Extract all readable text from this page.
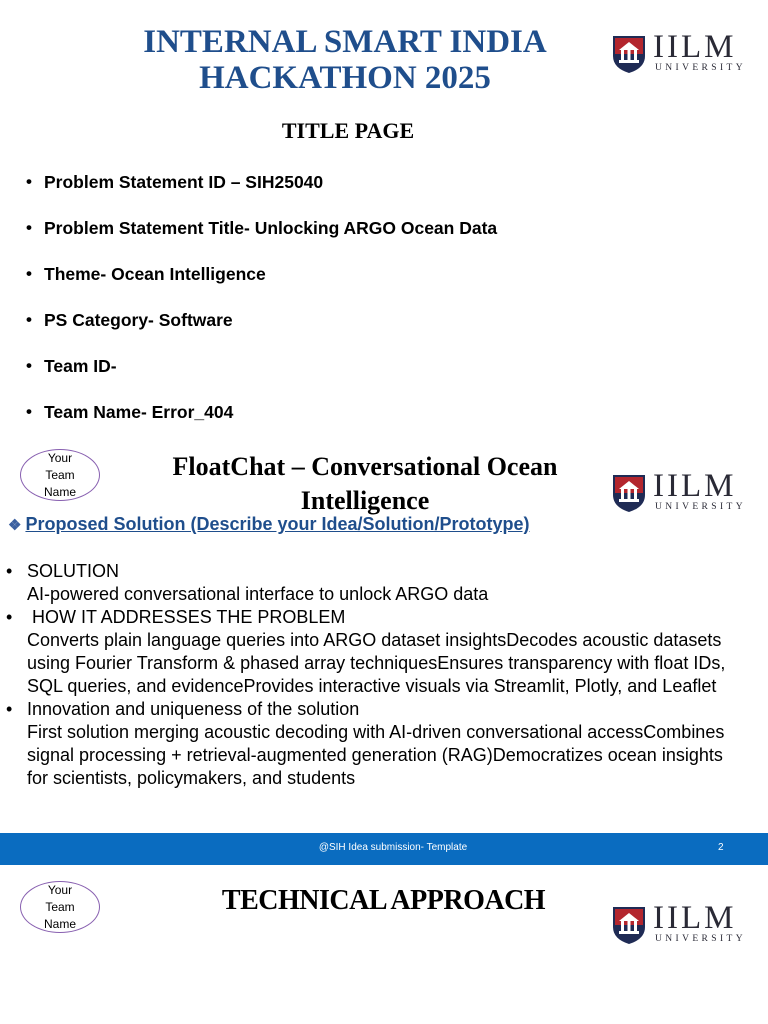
INTERNAL SMART INDIA HACKATHON 2025
IILM
UNIVERSITY
TITLE PAGE
• Problem Statement ID – SIH25040
• Problem Statement Title- Unlocking ARGO Ocean Data
• Theme- Ocean Intelligence
• PS Category- Software
• Team ID-
• Team Name- Error_404
Your
Team
Name
FloatChat – Conversational Ocean Intelligence	IILM
UNIVERSITY
❖ Proposed Solution (Describe your Idea/Solution/Prototype)
• SOLUTION
AI-powered conversational interface to unlock ARGO data
•  HOW IT ADDRESSES THE PROBLEM
Converts plain language queries into ARGO dataset insightsDecodes acoustic datasets using Fourier Transform & phased array techniquesEnsures transparency with float IDs, SQL queries, and evidenceProvides interactive visuals via Streamlit, Plotly, and Leaflet
• Innovation and uniqueness of the solution
First solution merging acoustic decoding with AI-driven conversational accessCombines signal processing + retrieval-augmented generation (RAG)Democratizes ocean insights for scientists, policymakers, and students
@SIH Idea submission- Template	2
Your
Team
Name
TECHNICAL APPROACH	IILM
UNIVERSITY
